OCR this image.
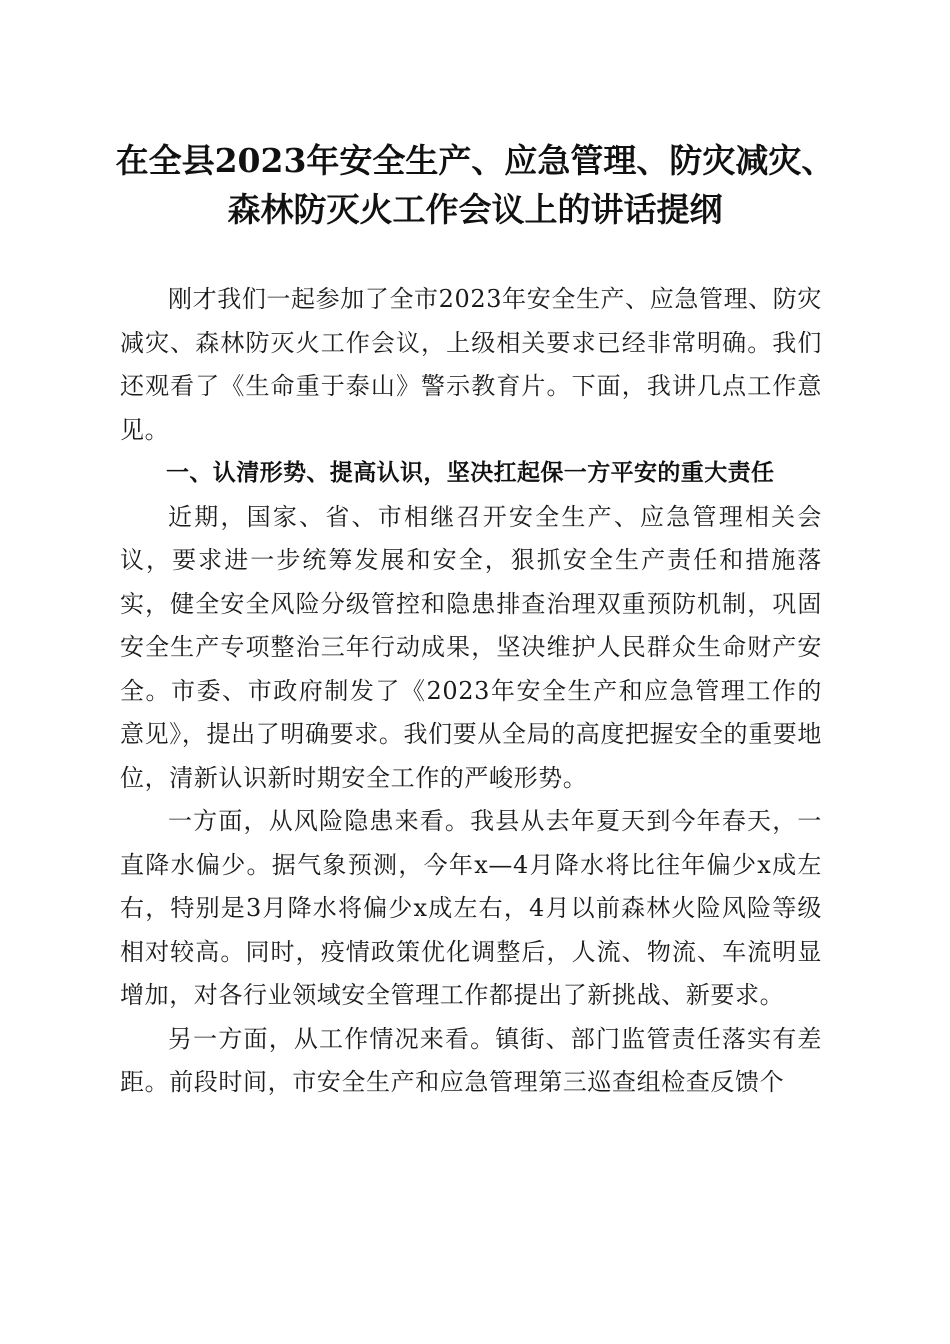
在全县2023年安全生产、应急管理、防灾减灾、森林防灭火工作会议上的讲话提纲

刚才我们一起参加了全市2023年安全生产、应急管理、防灾减灾、森林防灭火工作会议，上级相关要求已经非常明确。我们还观看了《生命重于泰山》警示教育片。下面，我讲几点工作意见。

一、认清形势、提高认识，坚决扛起保一方平安的重大责任

近期，国家、省、市相继召开安全生产、应急管理相关会议，要求进一步统筹发展和安全，狠抓安全生产责任和措施落实，健全安全风险分级管控和隐患排查治理双重预防机制，巩固安全生产专项整治三年行动成果，坚决维护人民群众生命财产安全。市委、市政府制发了《2023年安全生产和应急管理工作的意见》，提出了明确要求。我们要从全局的高度把握安全的重要地位，清新认识新时期安全工作的严峻形势。

一方面，从风险隐患来看。我县从去年夏天到今年春天，一直降水偏少。据气象预测，今年x—4月降水将比往年偏少x成左右，特别是3月降水将偏少x成左右，4月以前森林火险风险等级相对较高。同时，疫情政策优化调整后，人流、物流、车流明显增加，对各行业领域安全管理工作都提出了新挑战、新要求。

另一方面，从工作情况来看。镇街、部门监管责任落实有差距。前段时间，市安全生产和应急管理第三巡查组检查反馈个
